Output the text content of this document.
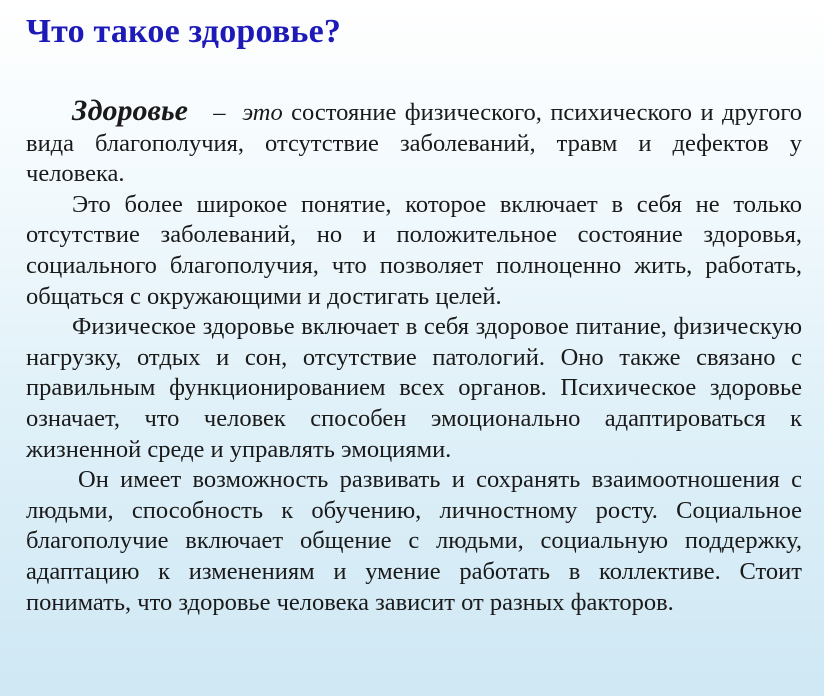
Что такое здоровье?

Здоровье – это состояние физического, психического и другого вида благополучия, отсутствие заболеваний, травм и дефектов у человека.

Это более широкое понятие, которое включает в себя не только отсутствие заболеваний, но и положительное состояние здоровья, социального благополучия, что позволяет полноценно жить, работать, общаться с окружающими и достигать целей.

Физическое здоровье включает в себя здоровое питание, физическую нагрузку, отдых и сон, отсутствие патологий. Оно также связано с правильным функционированием всех органов. Психическое здоровье означает, что человек способен эмоционально адаптироваться к жизненной среде и управлять эмоциями.

Он имеет возможность развивать и сохранять взаимоотношения с людьми, способность к обучению, личностному росту. Социальное благополучие включает общение с людьми, социальную поддержку, адаптацию к изменениям и умение работать в коллективе. Стоит понимать, что здоровье человека зависит от разных факторов.
